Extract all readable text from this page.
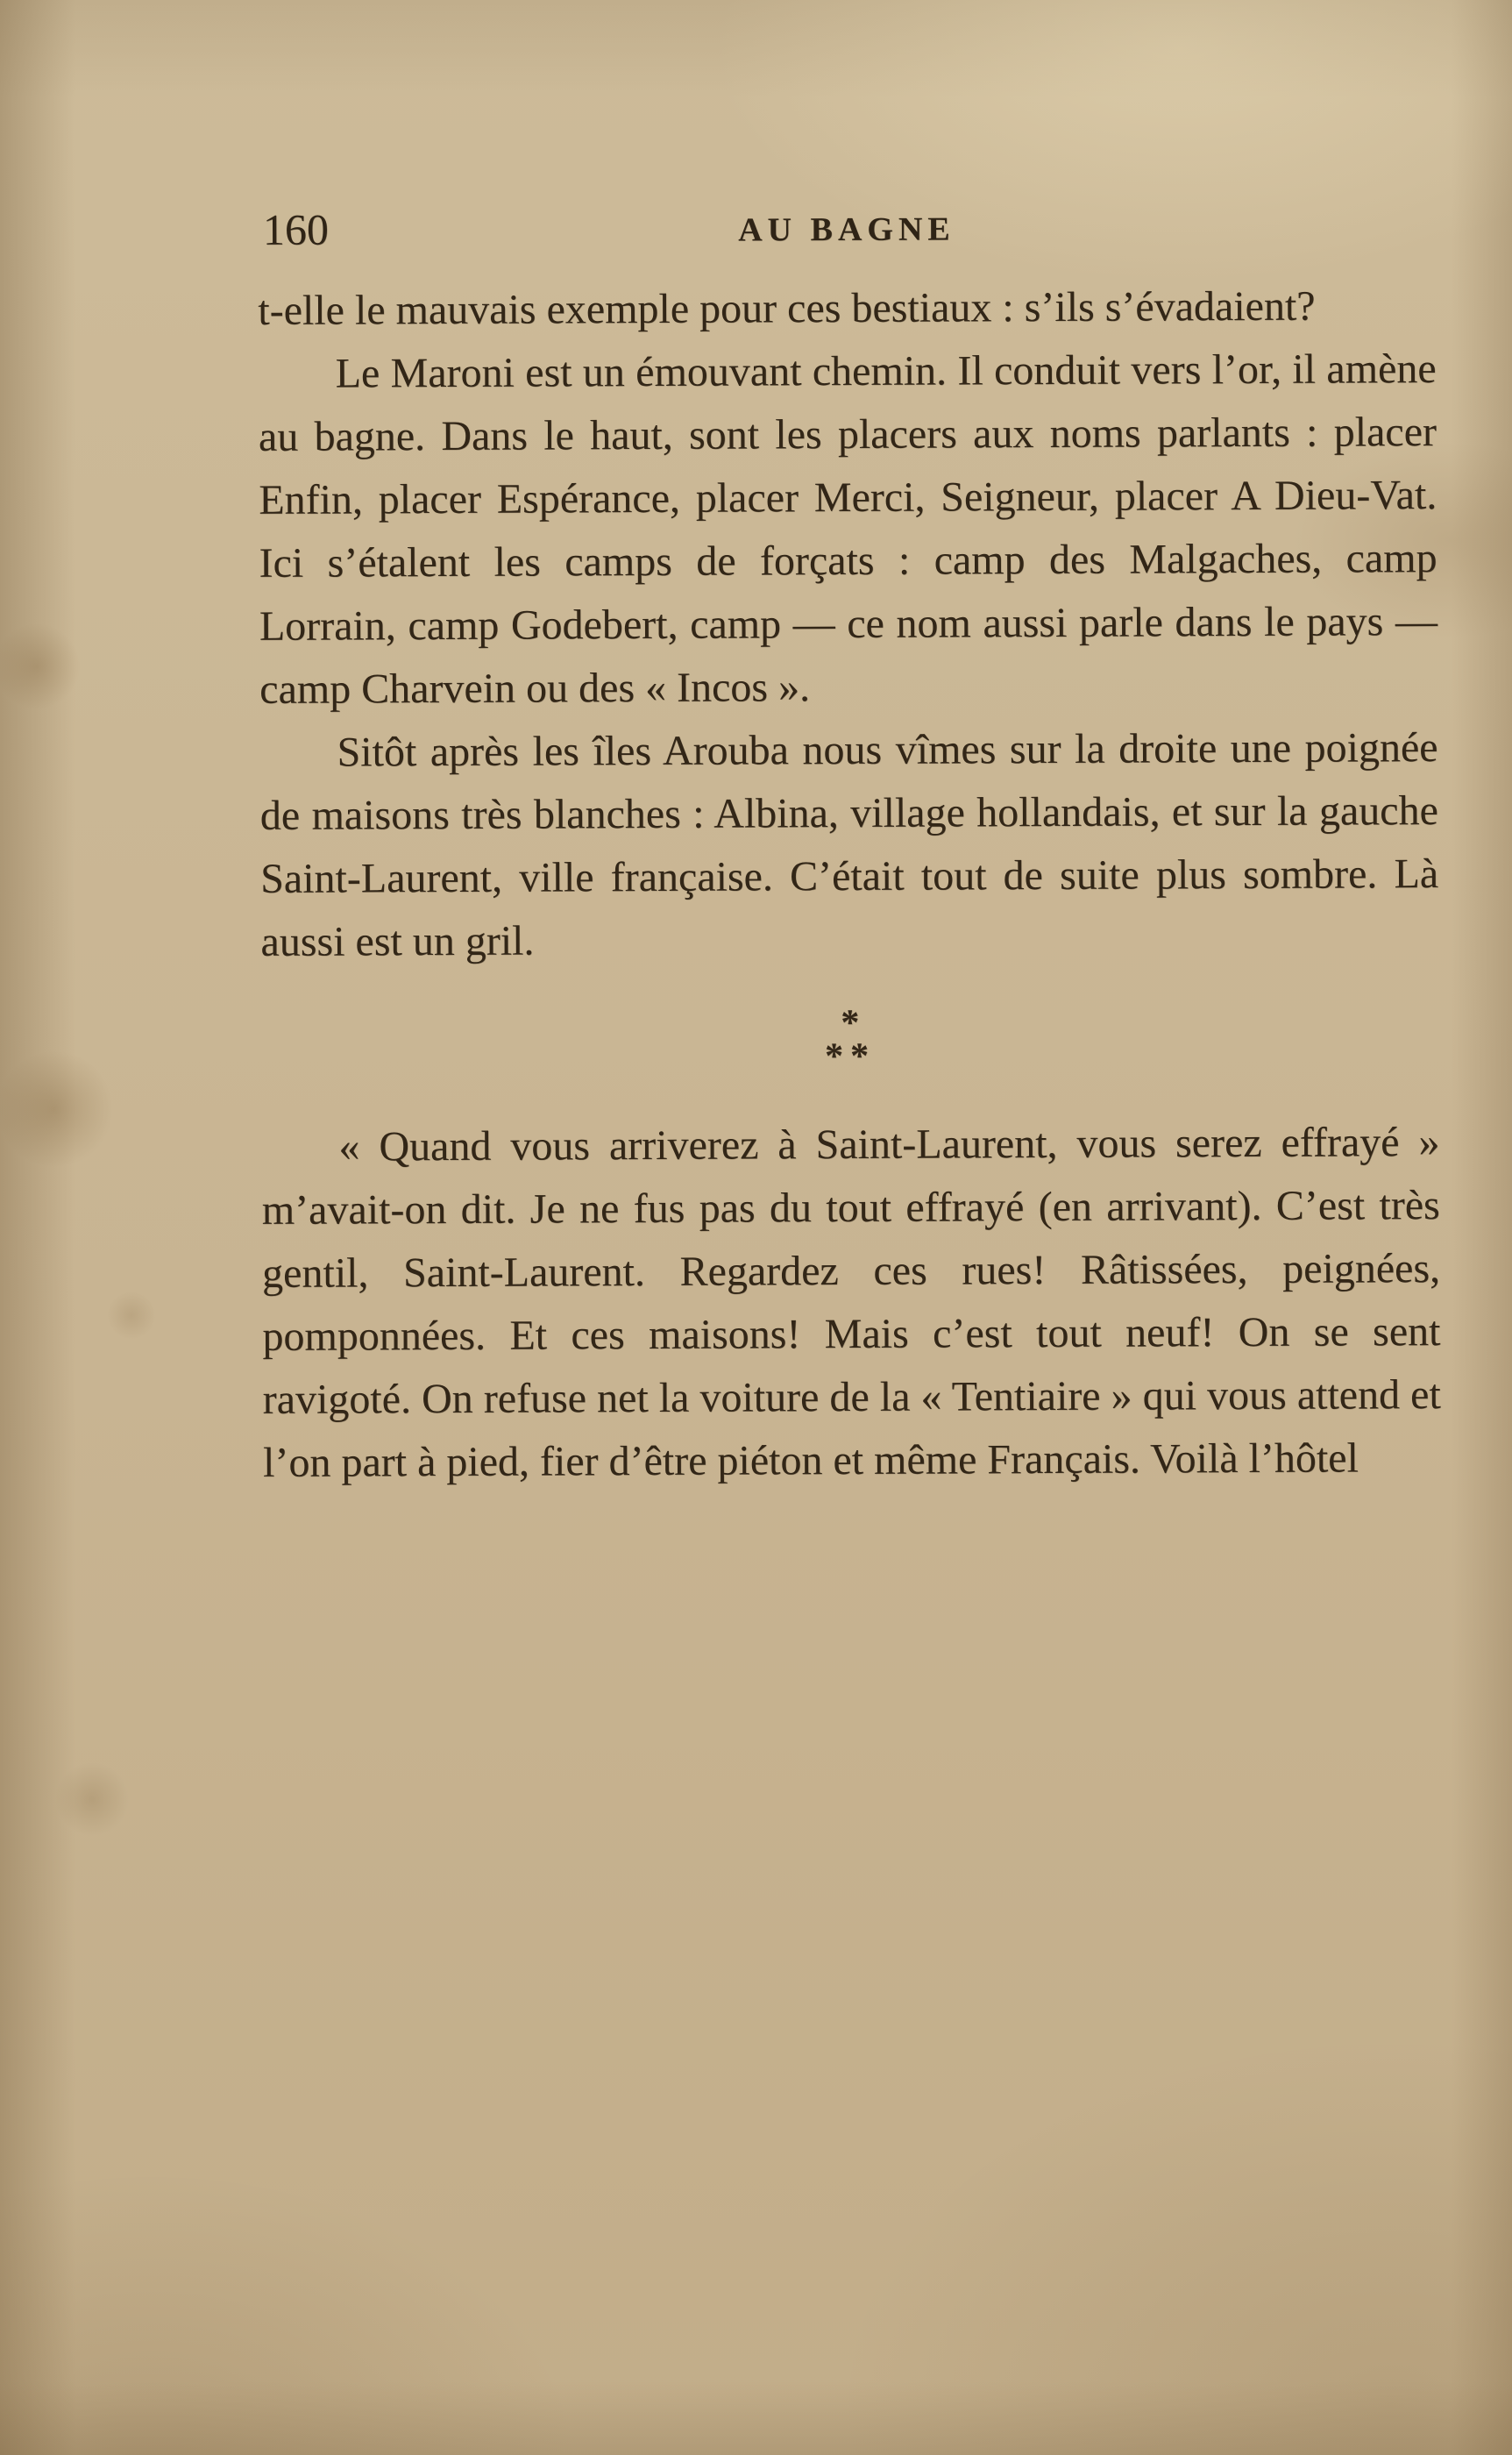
160	AU BAGNE

t-elle le mauvais exemple pour ces bestiaux : s’ils s’évadaient?

Le Maroni est un émouvant chemin. Il conduit vers l’or, il amène au bagne. Dans le haut, sont les placers aux noms parlants : placer Enfin, placer Espérance, placer Merci, Seigneur, placer A Dieu-Vat. Ici s’étalent les camps de forçats : camp des Malgaches, camp Lorrain, camp Godebert, camp — ce nom aussi parle dans le pays — camp Charvein ou des « Incos ».

Sitôt après les îles Arouba nous vîmes sur la droite une poignée de maisons très blanches : Albina, village hollandais, et sur la gauche Saint-Laurent, ville française. C’était tout de suite plus sombre. Là aussi est un gril.

*
**

« Quand vous arriverez à Saint-Laurent, vous serez effrayé » m’avait-on dit. Je ne fus pas du tout effrayé (en arrivant). C’est très gentil, Saint-Laurent. Regardez ces rues! Râtissées, peignées, pomponnées. Et ces maisons! Mais c’est tout neuf! On se sent ravigoté. On refuse net la voiture de la « Tentiaire » qui vous attend et l’on part à pied, fier d’être piéton et même Français. Voilà l’hôtel
